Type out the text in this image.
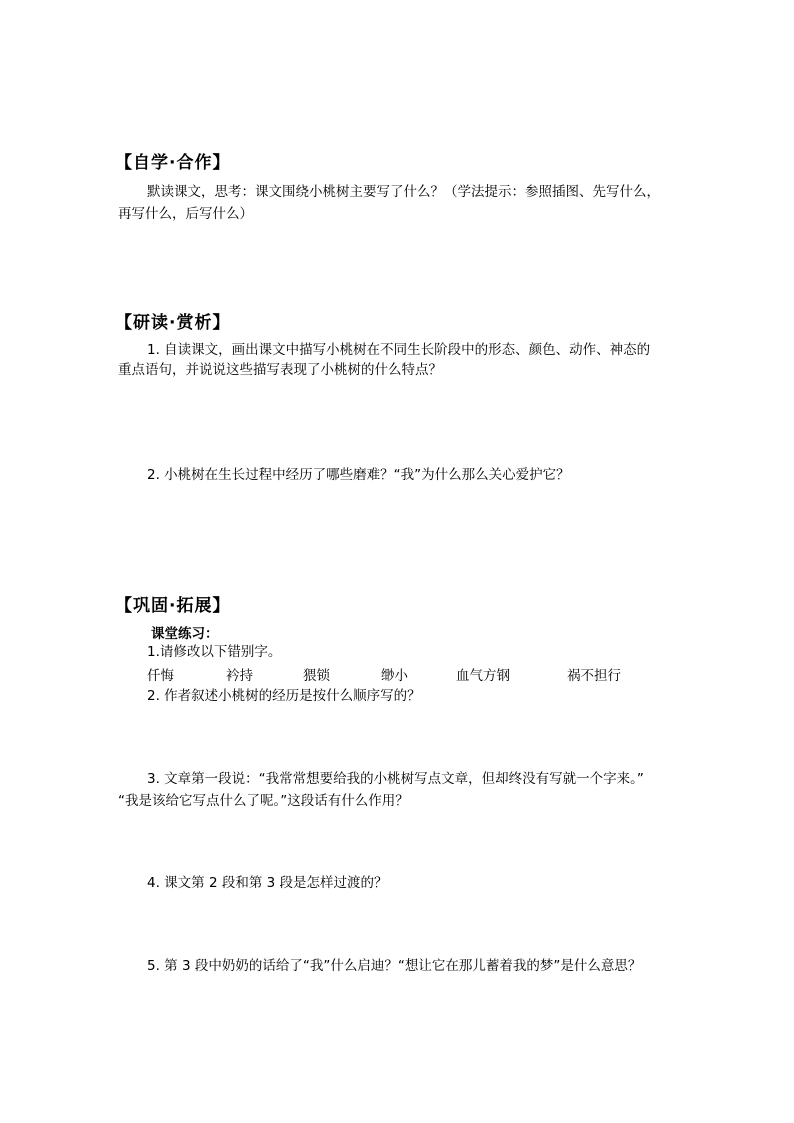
【自学·合作】
默读课文，思考：课文围绕小桃树主要写了什么？（学法提示：参照插图、先写什么，
再写什么，后写什么）
【研读·赏析】
1. 自读课文，画出课文中描写小桃树在不同生长阶段中的形态、颜色、动作、神态的
重点语句，并说说这些描写表现了小桃树的什么特点？
2. 小桃树在生长过程中经历了哪些磨难？“我”为什么那么关心爱护它？
【巩固·拓展】
课堂练习：
1.请修改以下错别字。
仟悔	衿持	猥锁	缈小	血气方钢	祸不担行
2. 作者叙述小桃树的经历是按什么顺序写的？
3. 文章第一段说：“我常常想要给我的小桃树写点文章，但却终没有写就一个字来。”
“我是该给它写点什么了呢。”这段话有什么作用？
4. 课文第 2 段和第 3 段是怎样过渡的？
5. 第 3 段中奶奶的话给了“我”什么启迪？“想让它在那儿蓄着我的梦”是什么意思？
